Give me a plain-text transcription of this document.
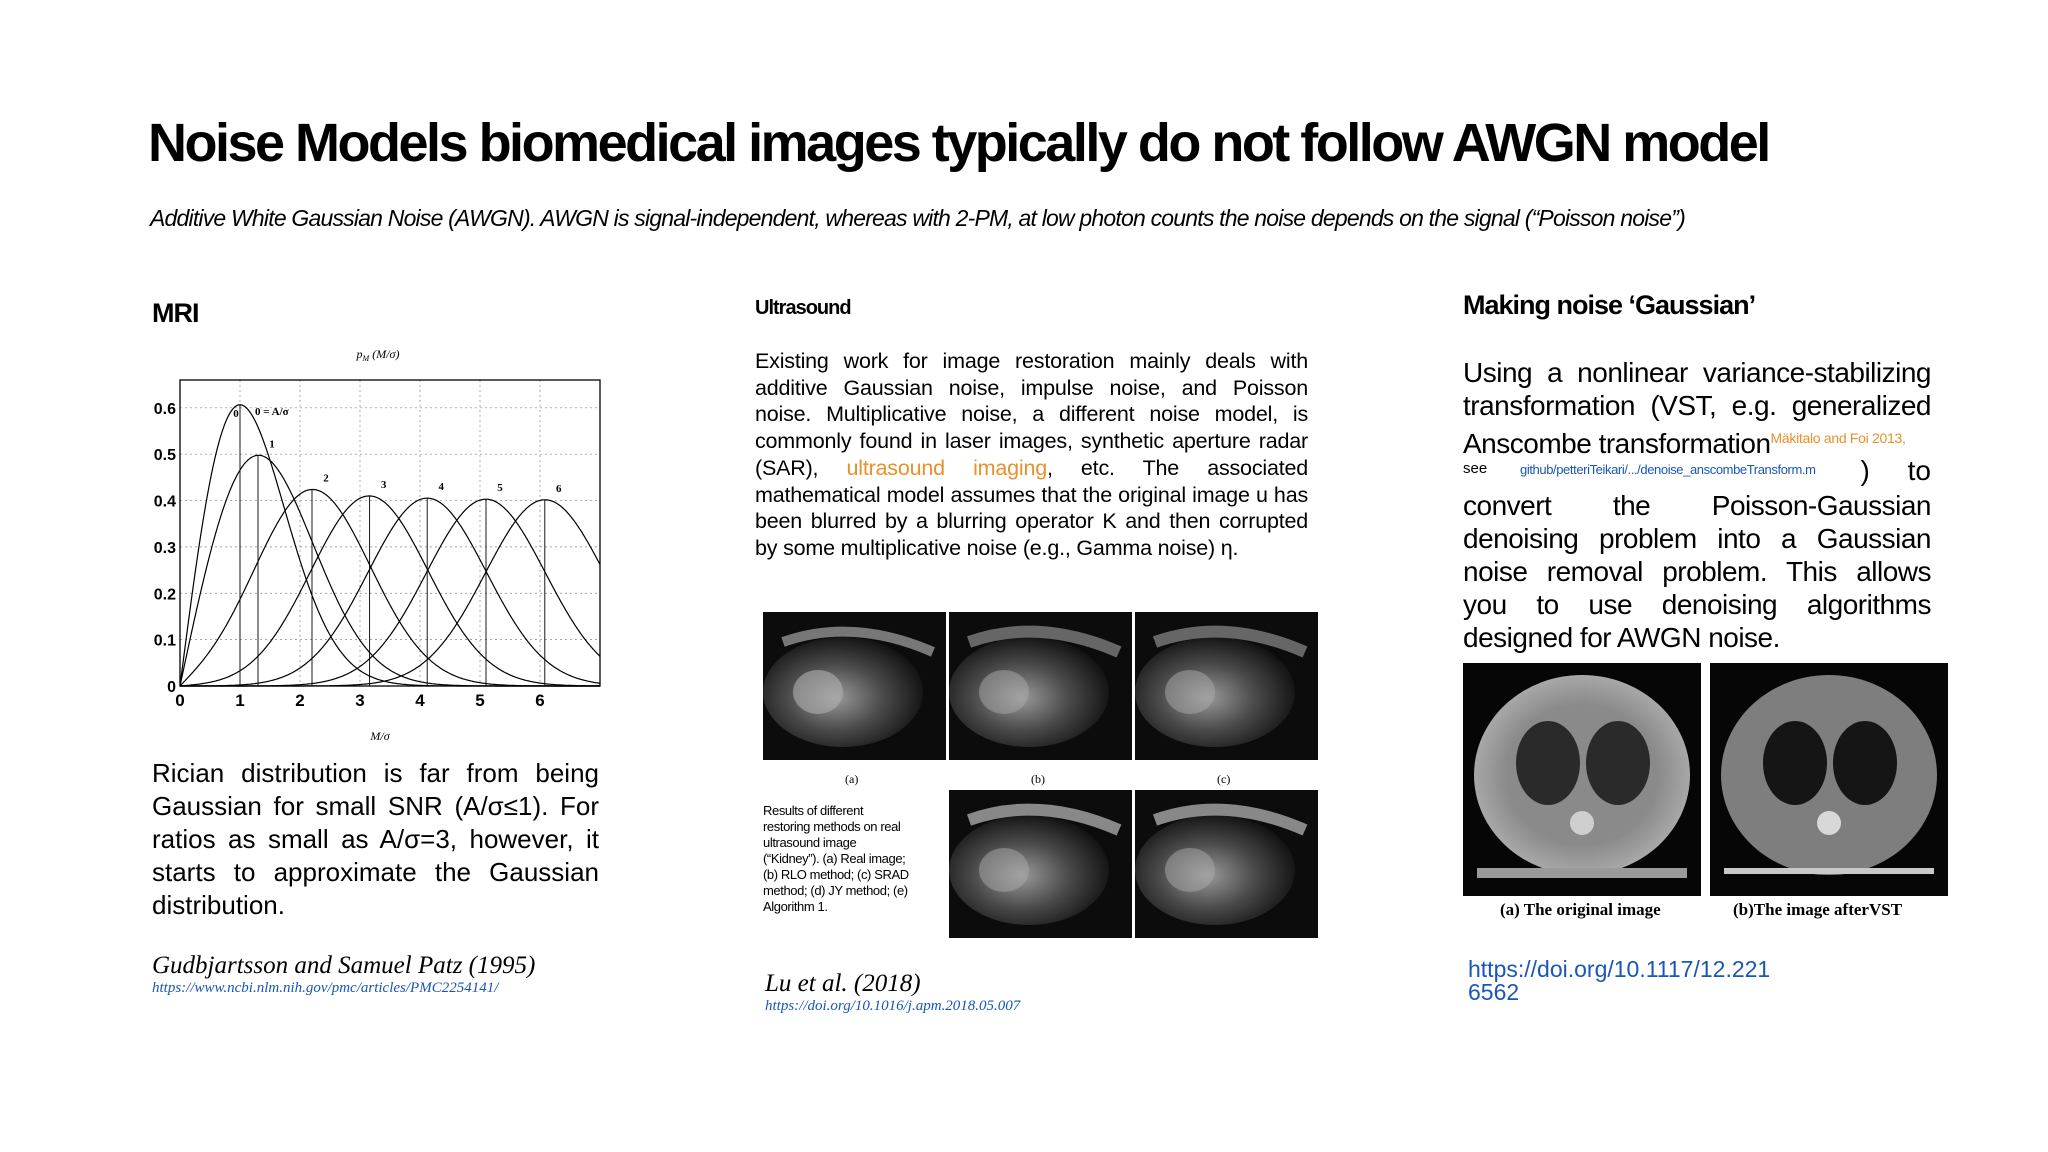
Noise Models biomedical images typically do not follow AWGN model
Additive White Gaussian Noise (AWGN). AWGN is signal-independent, whereas with 2-PM, at low photon counts the noise depends on the signal (“Poisson noise”)
MRI
$p_M$ (M/σ)
0
0.1
0.2
0.3
0.4
0.5
0.6
0	1	2	3	4	5	6
0
1
2
3	4	5	6
0 = A/σ
M/σ
Rician distribution is far from being Gaussian for small SNR (A/σ≤1). For ratios as small as A/σ=3, however, it starts to approximate the Gaussian distribution.
Gudbjartsson and Samuel Patz (1995)
https://www.ncbi.nlm.nih.gov/pmc/articles/PMC2254141/
Ultrasound
Existing work for image restoration mainly deals with additive Gaussian noise, impulse noise, and Poisson noise. Multiplicative noise, a different noise model, is commonly found in laser images, synthetic aperture radar (SAR), ultrasound imaging, etc. The associated mathematical model assumes that the original image u has been blurred by a blurring operator K and then corrupted by some multiplicative noise (e.g., Gamma noise) η.
(a)	(b)	(c)
Results of different restoring methods on real ultrasound image (“Kidney”). (a) Real image; (b) RLO method; (c) SRAD method; (d) JY method; (e) Algorithm 1.
Lu et al. (2018)
https://doi.org/10.1016/j.apm.2018.05.007
Making noise ‘Gaussian’
Using a nonlinear variance-stabilizing transformation (VST, e.g. generalized Anscombe transformation$^{Mäkitalo and Foi 2013,}$
see	github/petteriTeikari/.../denoise_anscombeTransform.m ) to
convert the Poisson-Gaussian denoising problem into a Gaussian noise removal problem. This allows you to use denoising algorithms designed for AWGN noise.
(a) The original image	(b)The image afterVST
https://doi.org/10.1117/12.2216562
